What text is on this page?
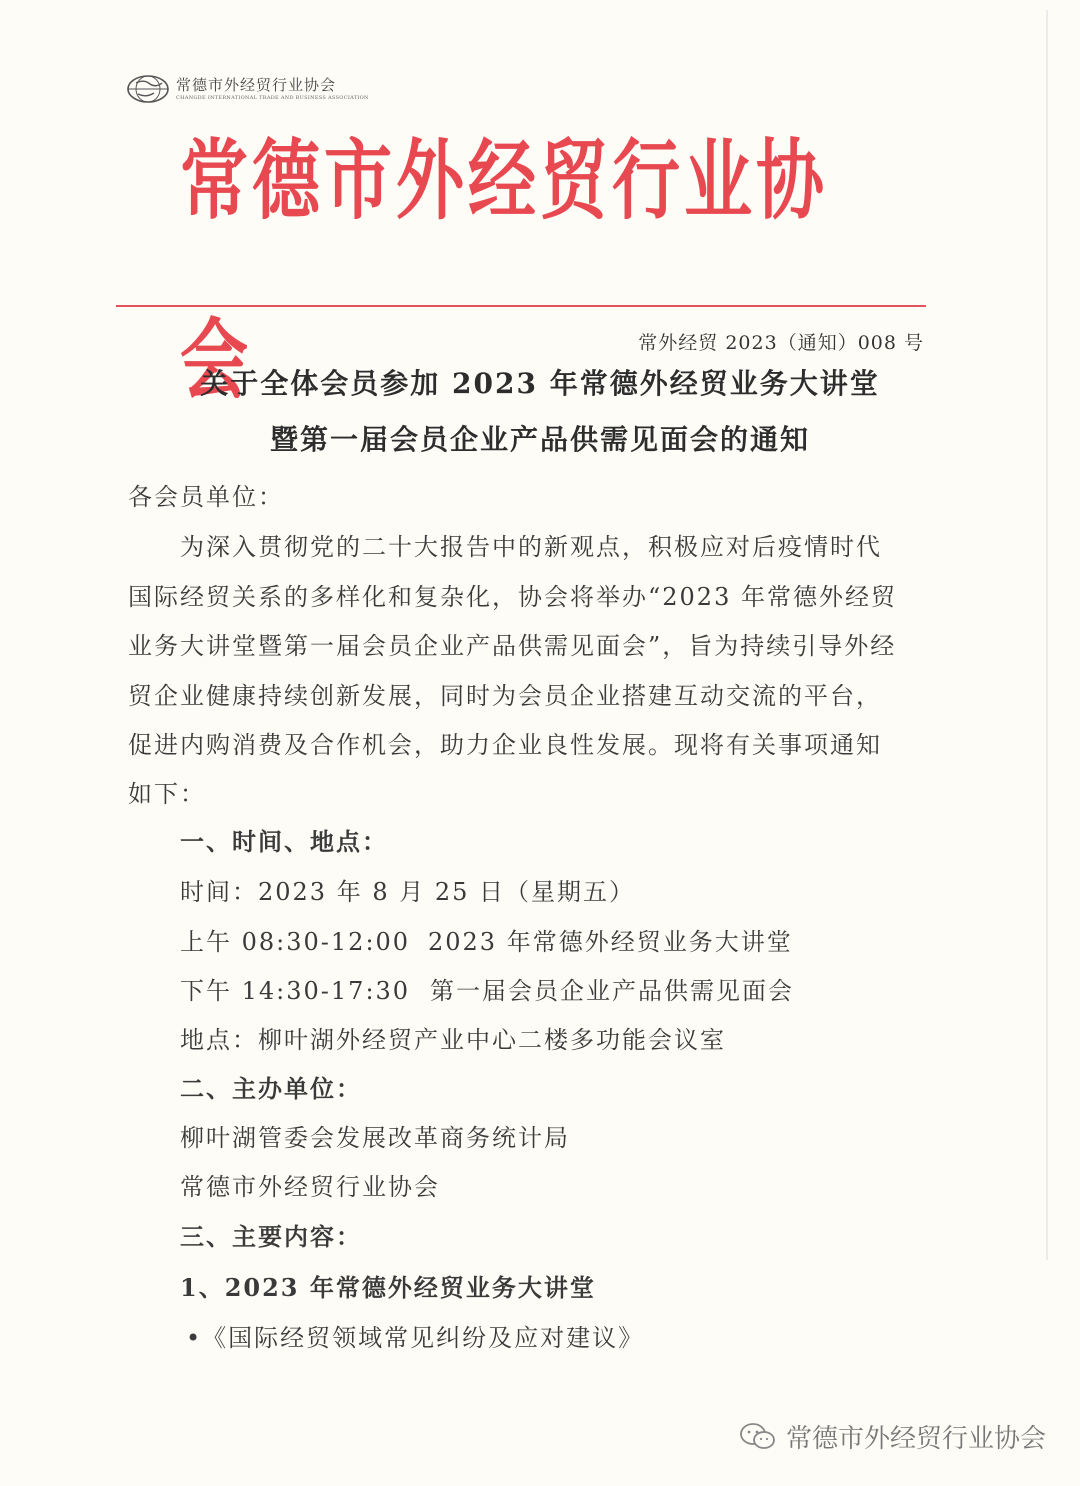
常德市外经贸行业协会
CHANGDE INTERNATIONAL TRADE AND BUSINESS ASSOCIATION
常德市外经贸行业协会	常外经贸 2023（通知）008 号
关于全体会员参加 2023 年常德外经贸业务大讲堂
暨第一届会员企业产品供需见面会的通知
各会员单位：
为深入贯彻党的二十大报告中的新观点，积极应对后疫情时代
国际经贸关系的多样化和复杂化，协会将举办“2023 年常德外经贸
业务大讲堂暨第一届会员企业产品供需见面会”，旨为持续引导外经
贸企业健康持续创新发展，同时为会员企业搭建互动交流的平台，
促进内购消费及合作机会，助力企业良性发展。现将有关事项通知
如下：
一、时间、地点：
时间：2023 年 8 月 25 日（星期五）
上午 08:30-12:00 2023 年常德外经贸业务大讲堂
下午 14:30-17:30 第一届会员企业产品供需见面会
地点：柳叶湖外经贸产业中心二楼多功能会议室
二、主办单位：
柳叶湖管委会发展改革商务统计局
常德市外经贸行业协会
三、主要内容：
1、2023 年常德外经贸业务大讲堂
•《国际经贸领域常见纠纷及应对建议》
常德市外经贸行业协会
